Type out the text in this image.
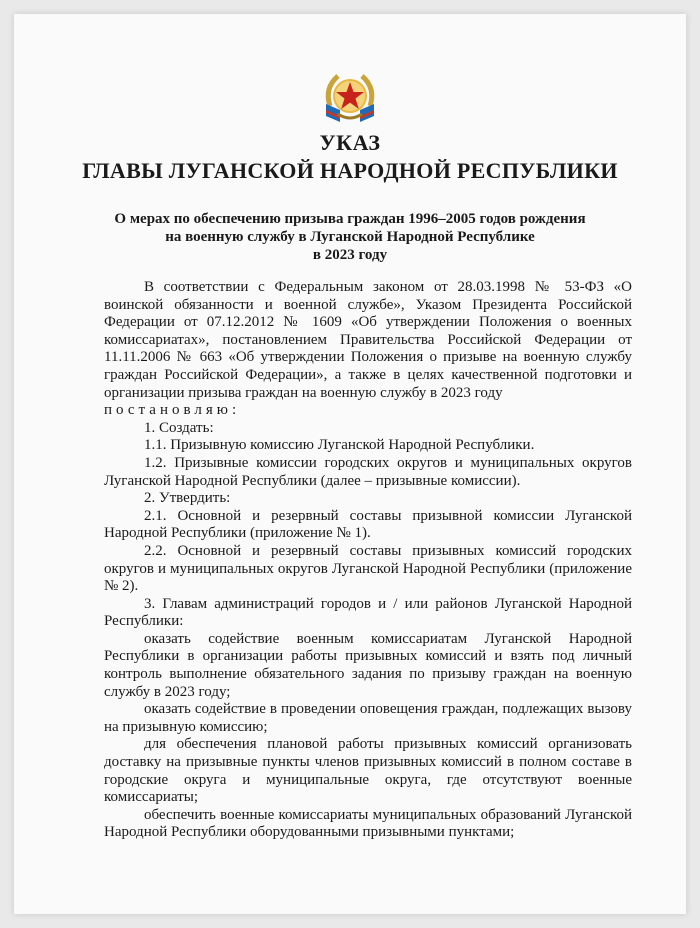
УКАЗ
ГЛАВЫ ЛУГАНСКОЙ НАРОДНОЙ РЕСПУБЛИКИ
О мерах по обеспечению призыва граждан 1996–2005 годов рождения
на военную службу в Луганской Народной Республике
в 2023 году

В соответствии с Федеральным законом от 28.03.1998 № 53-ФЗ «О воинской обязанности и военной службе», Указом Президента Российской Федерации от 07.12.2012 № 1609 «Об утверждении Положения о военных комиссариатах», постановлением Правительства Российской Федерации от 11.11.2006 № 663 «Об утверждении Положения о призыве на военную службу граждан Российской Федерации», а также в целях качественной подготовки и организации призыва граждан на военную службу в 2023 году

постановляю:

1. Создать:

1.1. Призывную комиссию Луганской Народной Республики.

1.2. Призывные комиссии городских округов и муниципальных округов Луганской Народной Республики (далее – призывные комиссии).

2. Утвердить:

2.1. Основной и резервный составы призывной комиссии Луганской Народной Республики (приложение № 1).

2.2. Основной и резервный составы призывных комиссий городских округов и муниципальных округов Луганской Народной Республики (приложение № 2).

3. Главам администраций городов и / или районов Луганской Народной Республики:

оказать содействие военным комиссариатам Луганской Народной Республики в организации работы призывных комиссий и взять под личный контроль выполнение обязательного задания по призыву граждан на военную службу в 2023 году;

оказать содействие в проведении оповещения граждан, подлежащих вызову на призывную комиссию;

для обеспечения плановой работы призывных комиссий организовать доставку на призывные пункты членов призывных комиссий в полном составе в городские округа и муниципальные округа, где отсутствуют военные комиссариаты;

обеспечить военные комиссариаты муниципальных образований Луганской Народной Республики оборудованными призывными пунктами;
